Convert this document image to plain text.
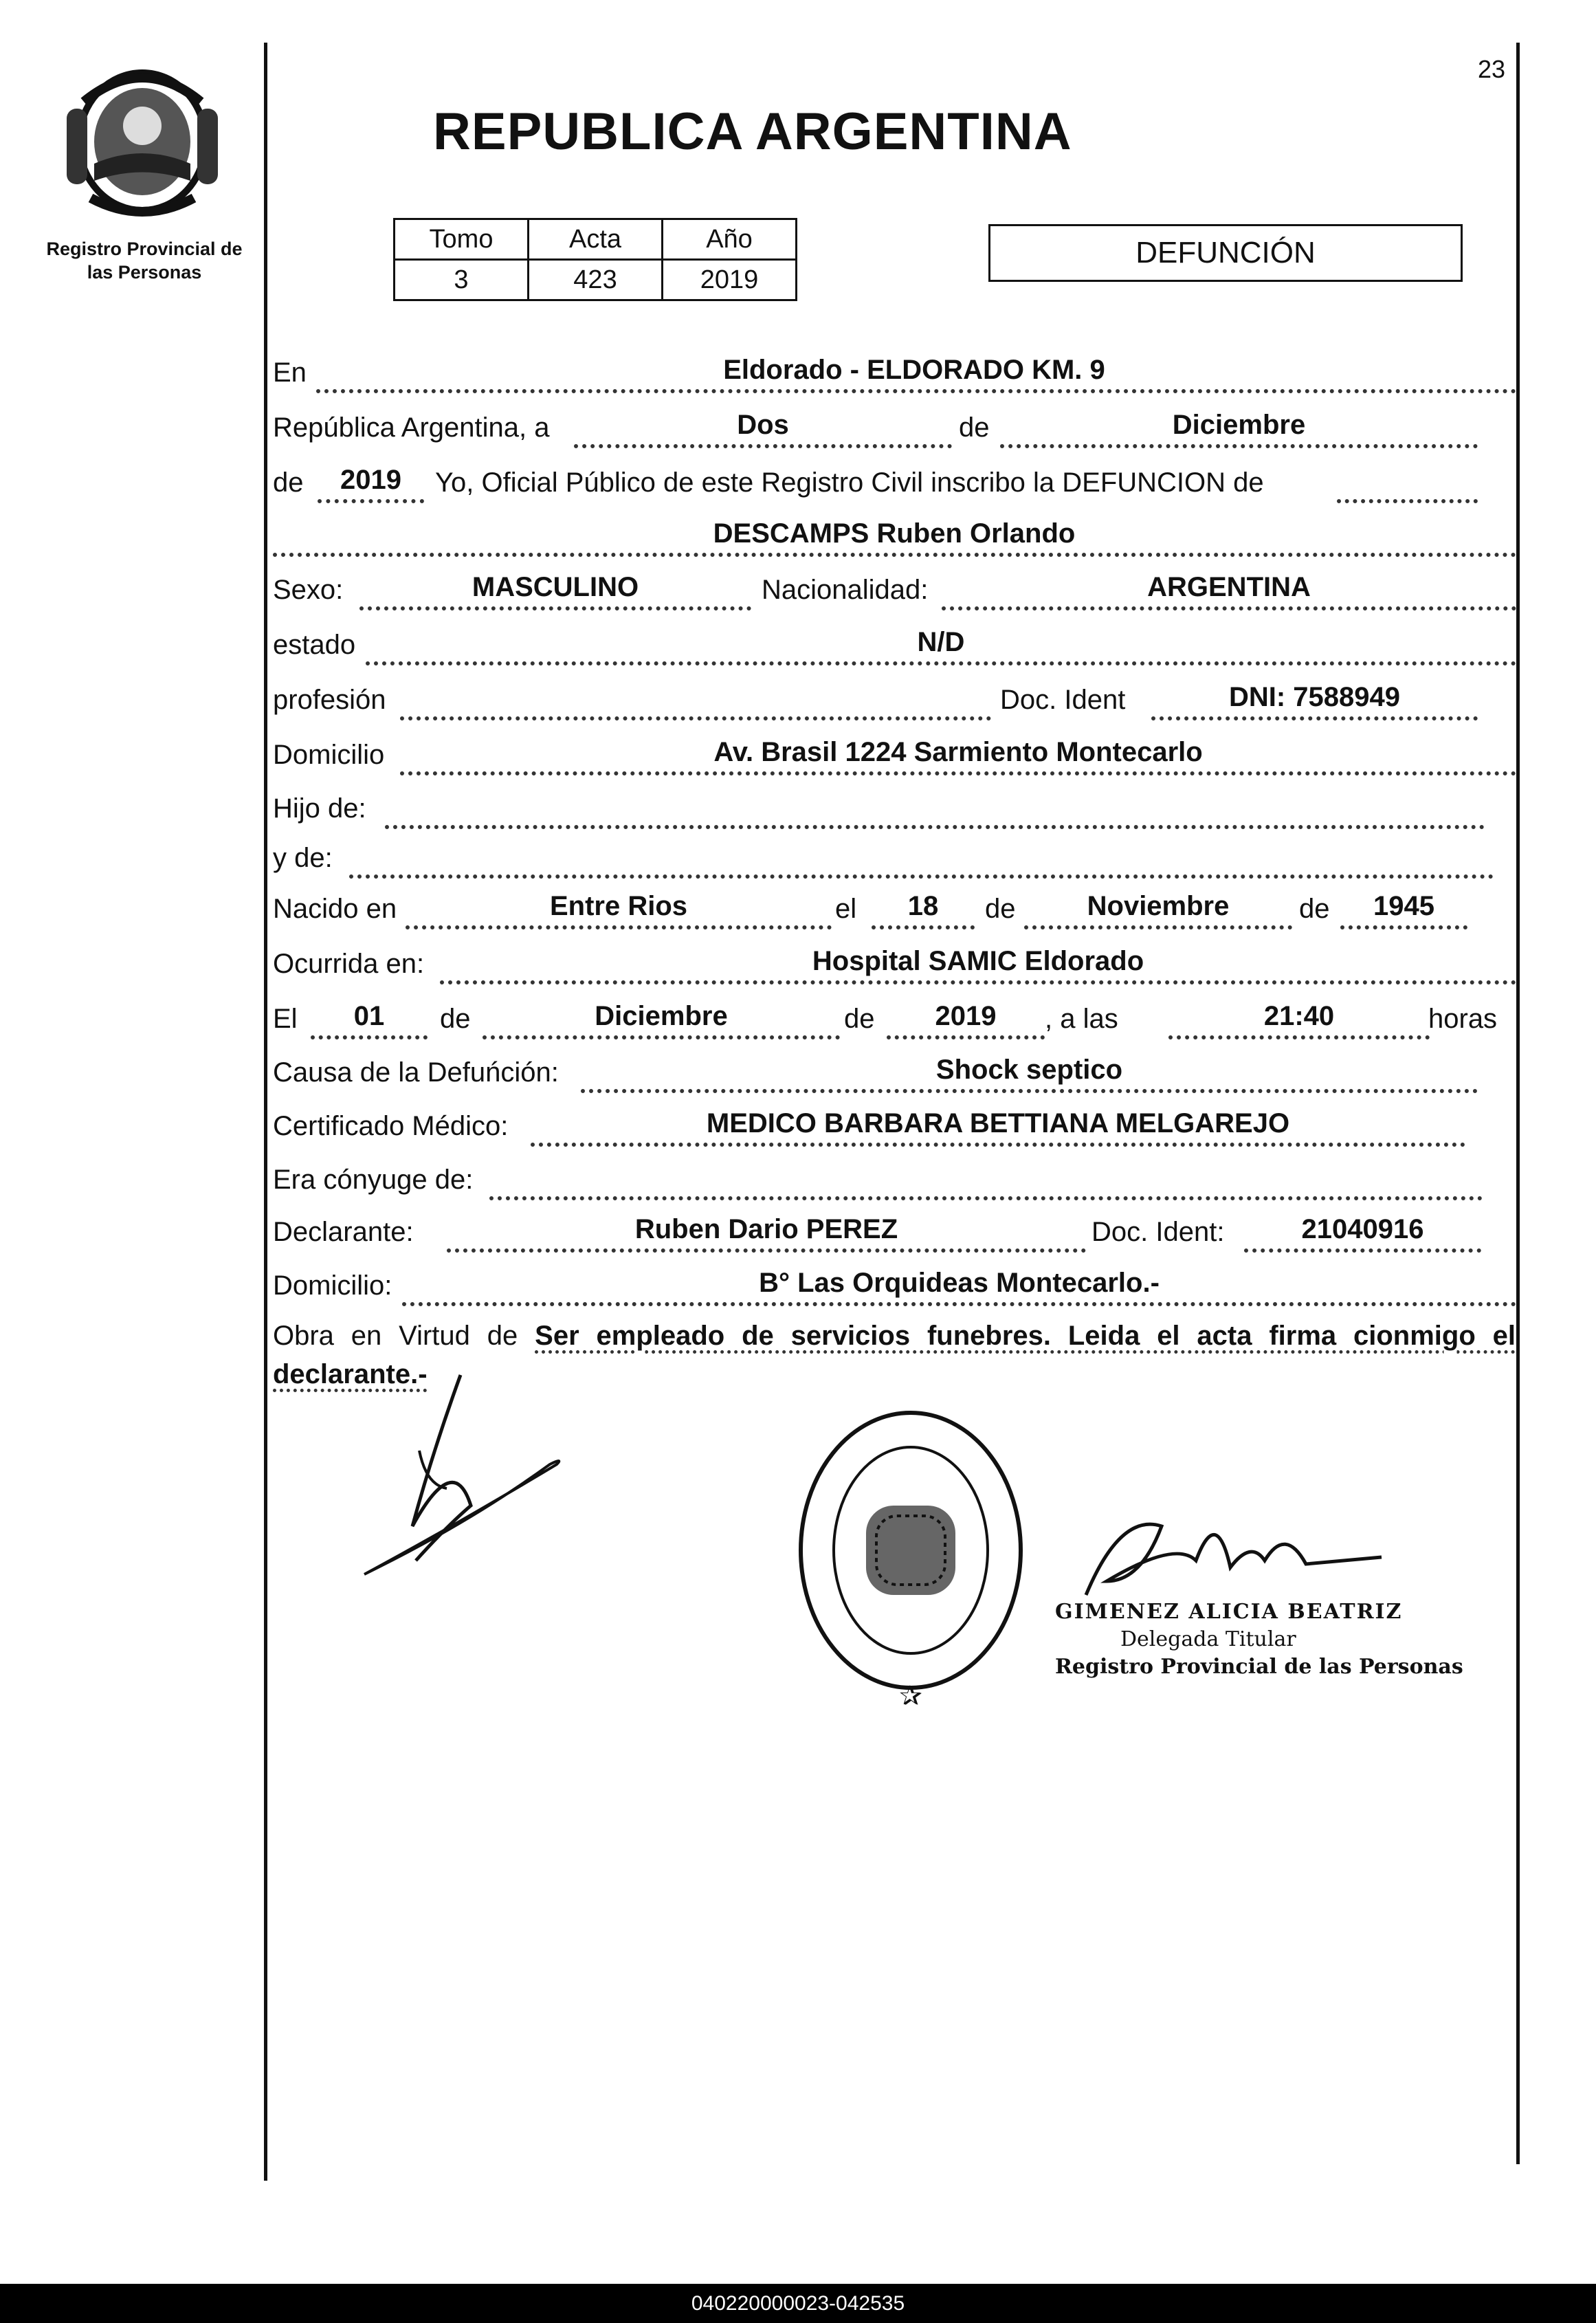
Registro Provincial de
las Personas
23
REPUBLICA ARGENTINA
Tomo	Acta	Año
3	423	2019
DEFUNCIÓN
En	Eldorado - ELDORADO KM. 9
República Argentina, a	Dos	de	Diciembre
de	2019	Yo, Oficial Público de este Registro Civil inscribo la DEFUNCION de
DESCAMPS Ruben Orlando
Sexo:	MASCULINO	Nacionalidad:	ARGENTINA
estado	N/D
profesión	Doc. Ident	DNI: 7588949
Domicilio	Av. Brasil 1224 Sarmiento Montecarlo
Hijo de:
y de:
Nacido en	Entre Rios	el	18	de	Noviembre	de	1945
Ocurrida en:	Hospital SAMIC Eldorado
El	01	de	Diciembre	de	2019	, a las	21:40	horas
Causa de la Defuńción:	Shock septico
Certificado Médico:	MEDICO BARBARA BETTIANA MELGAREJO
Era cónyuge de:
Declarante:	Ruben Dario PEREZ	Doc. Ident:	21040916
Domicilio:	B° Las Orquideas Montecarlo.-
Obra en Virtud de Ser empleado de servicios funebres. Leida el acta firma cionmigo el declarante.-
✰
GIMENEZ ALICIA BEATRIZ
Delegada Titular
Registro Provincial de las Personas
040220000023-042535
